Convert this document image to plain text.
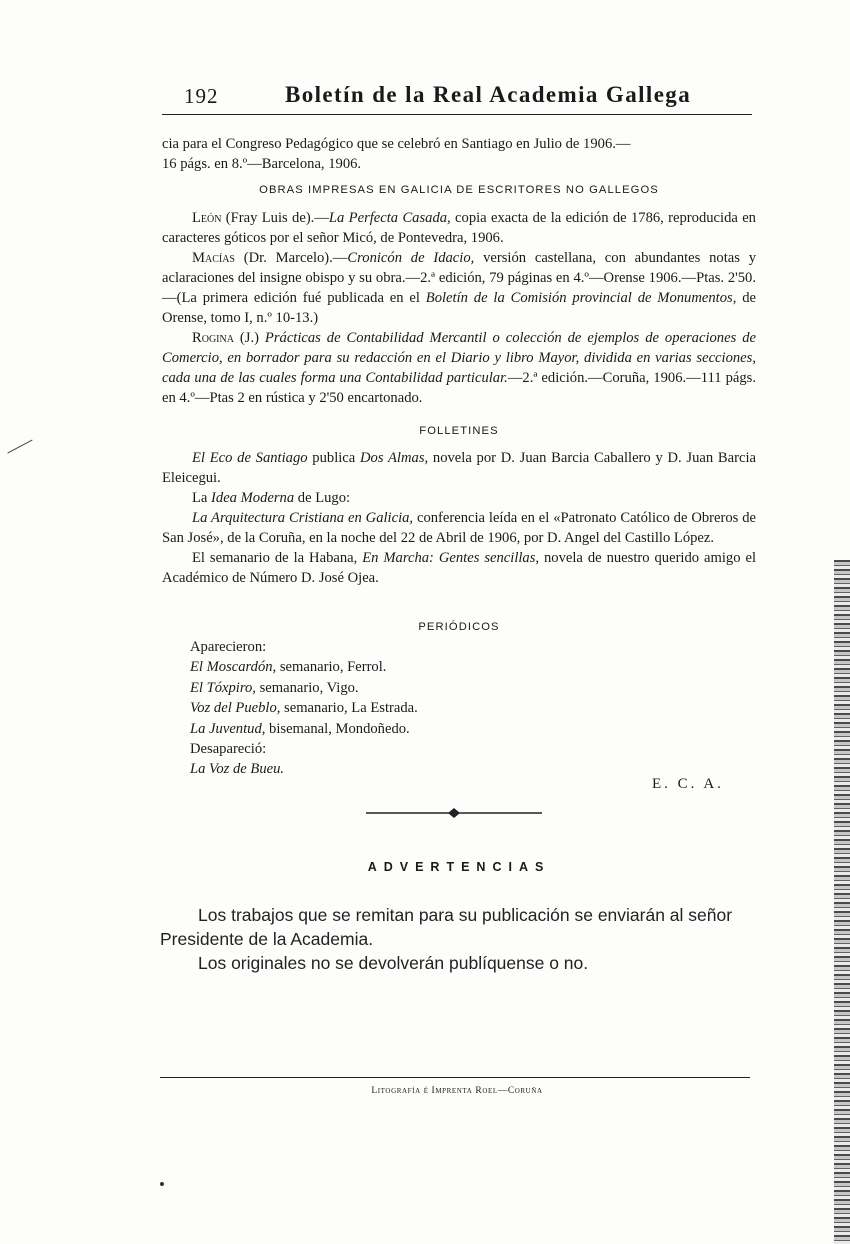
192	Boletín de la Real Academia Gallega

cia para el Congreso Pedagógico que se celebró en Santiago en Julio de 1906.—

16 págs. en 8.º—Barcelona, 1906.

OBRAS IMPRESAS EN GALICIA DE ESCRITORES NO GALLEGOS

León (Fray Luis de).—La Perfecta Casada, copia exacta de la edición de 1786, reproducida en caracteres góticos por el señor Micó, de Pontevedra, 1906.

Macías (Dr. Marcelo).—Cronicón de Idacio, versión castellana, con abundantes notas y aclaraciones del insigne obispo y su obra.—2.ª edición, 79 páginas en 4.º—Orense 1906.—Ptas. 2'50.—(La primera edición fué publicada en el Boletín de la Comisión provincial de Monumentos, de Orense, tomo I, n.º 10-13.)

Rogina (J.) Prácticas de Contabilidad Mercantil o colección de ejemplos de operaciones de Comercio, en borrador para su redacción en el Diario y libro Mayor, dividida en varias secciones, cada una de las cuales forma una Contabilidad particular.—2.ª edición.—Coruña, 1906.—111 págs. en 4.º—Ptas 2 en rústica y 2'50 encartonado.

FOLLETINES

El Eco de Santiago publica Dos Almas, novela por D. Juan Barcia Caballero y D. Juan Barcia Eleicegui.

La Idea Moderna de Lugo:

La Arquitectura Cristiana en Galicia, conferencia leída en el «Patronato Católico de Obreros de San José», de la Coruña, en la noche del 22 de Abril de 1906, por D. Angel del Castillo López.

El semanario de la Habana, En Marcha: Gentes sencillas, novela de nuestro querido amigo el Académico de Número D. José Ojea.

PERIÓDICOS
Aparecieron:
El Moscardón, semanario, Ferrol.
El Tóxpiro, semanario, Vigo.
Voz del Pueblo, semanario, La Estrada.
La Juventud, bisemanal, Mondoñedo.
Desapareció:
La Voz de Bueu.
E. C. A.
ADVERTENCIAS

Los trabajos que se remitan para su publicación se enviarán al señor Presidente de la Academia.

Los originales no se devolverán publíquense o no.

Litografía é Imprenta Roel—Coruña
